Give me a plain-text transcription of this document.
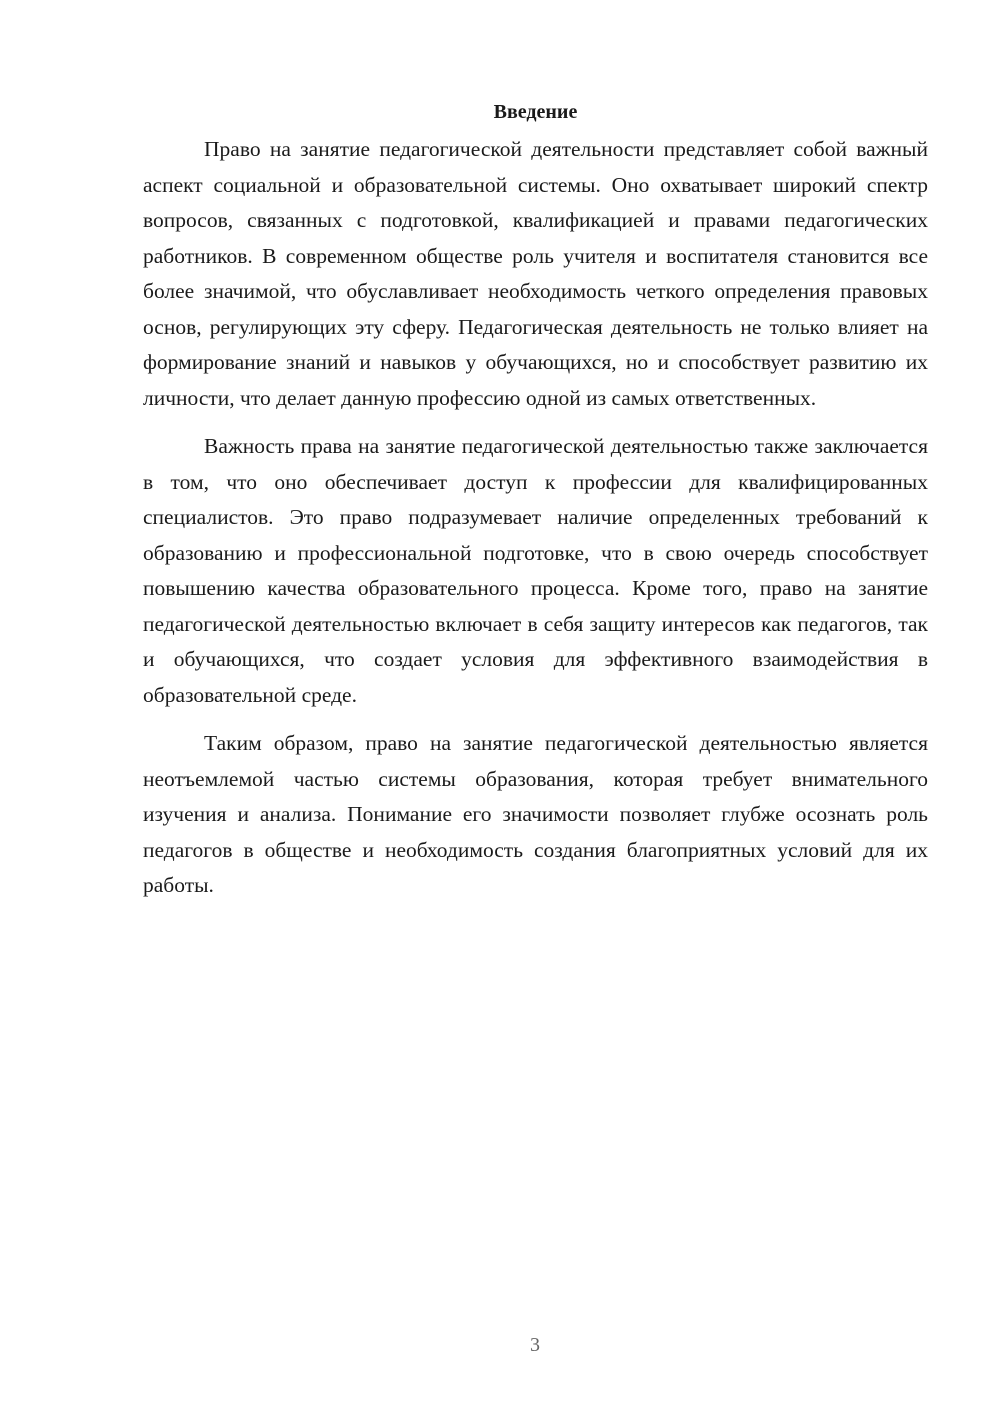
Введение

Право на занятие педагогической деятельности представляет собой важный аспект социальной и образовательной системы. Оно охватывает широкий спектр вопросов, связанных с подготовкой, квалификацией и правами педагогических работников. В современном обществе роль учителя и воспитателя становится все более значимой, что обуславливает необходимость четкого определения правовых основ, регулирующих эту сферу. Педагогическая деятельность не только влияет на формирование знаний и навыков у обучающихся, но и способствует развитию их личности, что делает данную профессию одной из самых ответственных.

Важность права на занятие педагогической деятельностью также заключается в том, что оно обеспечивает доступ к профессии для квалифицированных специалистов. Это право подразумевает наличие определенных требований к образованию и профессиональной подготовке, что в свою очередь способствует повышению качества образовательного процесса. Кроме того, право на занятие педагогической деятельностью включает в себя защиту интересов как педагогов, так и обучающихся, что создает условия для эффективного взаимодействия в образовательной среде.

Таким образом, право на занятие педагогической деятельностью является неотъемлемой частью системы образования, которая требует внимательного изучения и анализа. Понимание его значимости позволяет глубже осознать роль педагогов в обществе и необходимость создания благоприятных условий для их работы.

3
